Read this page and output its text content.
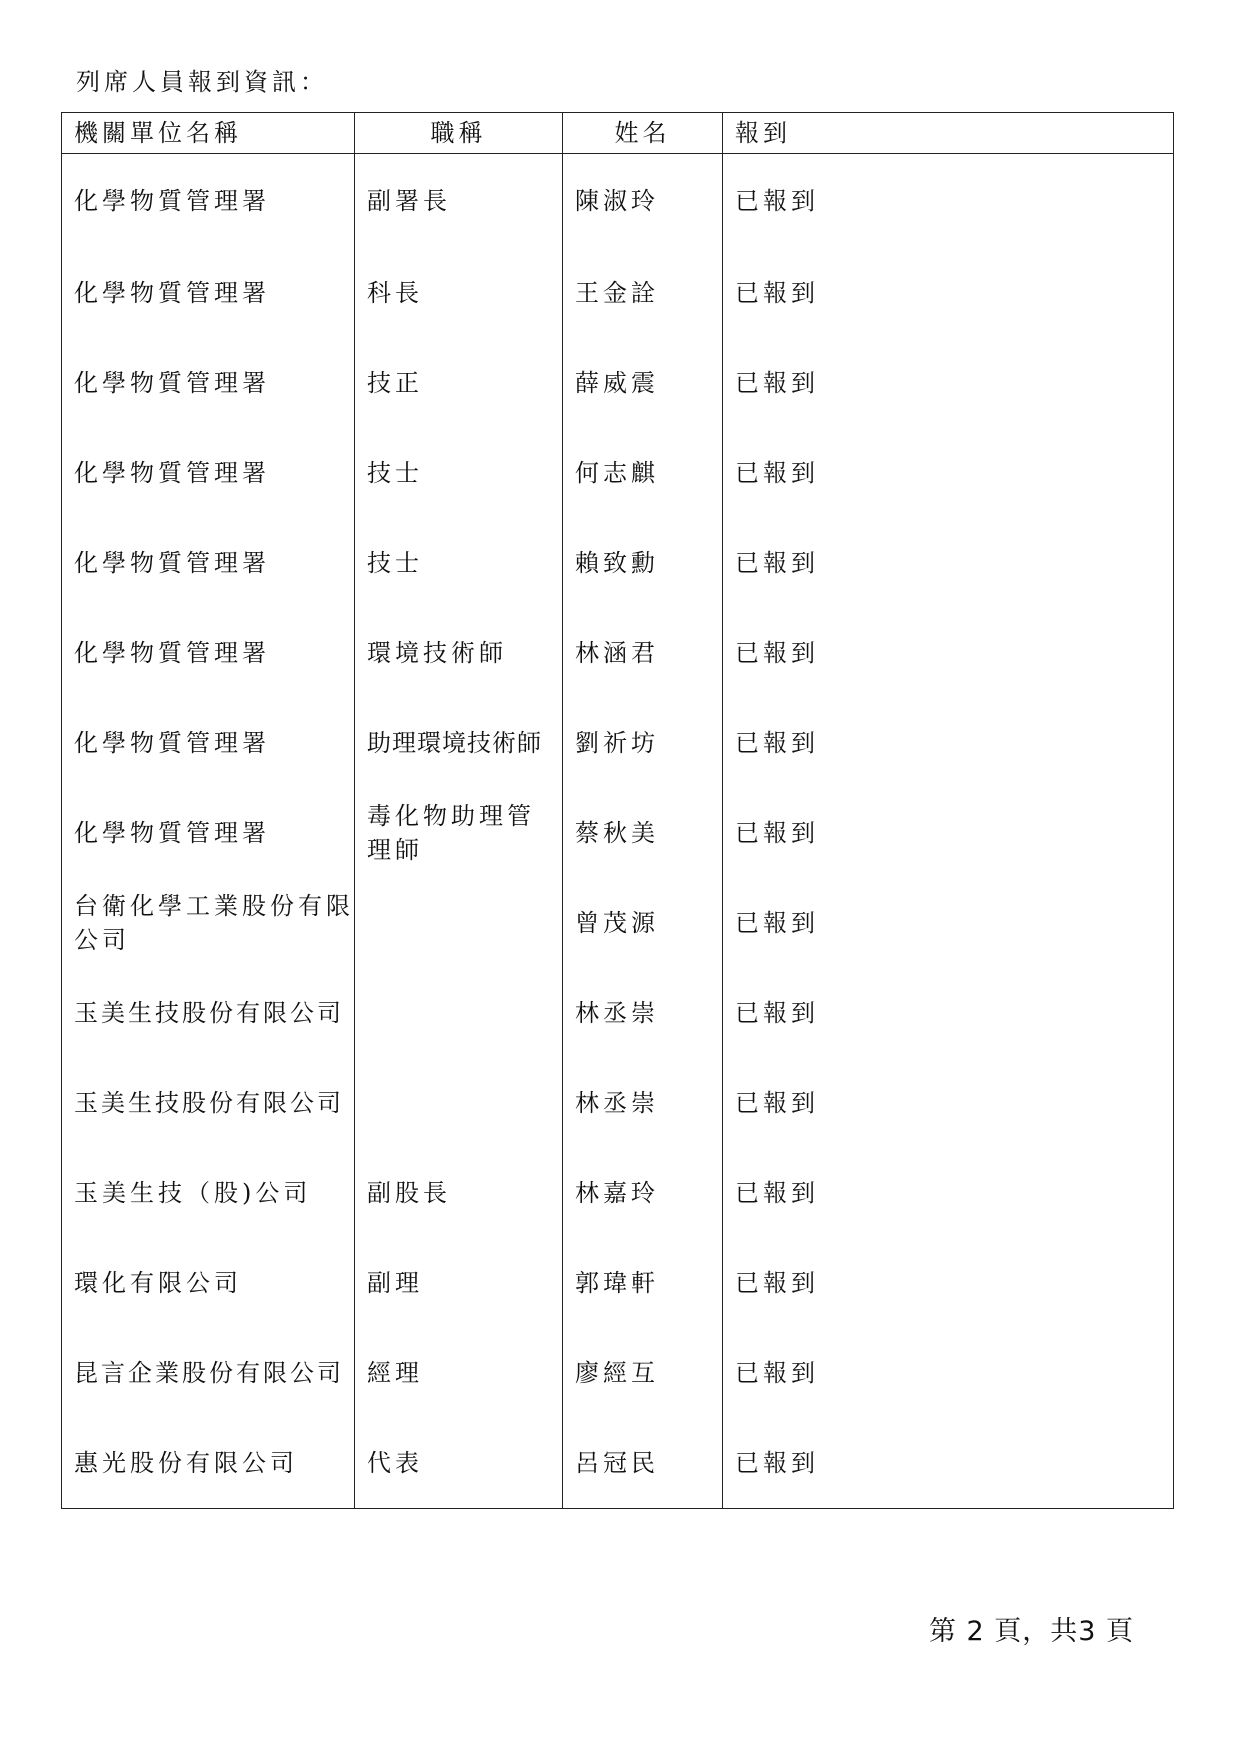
列席人員報到資訊：
機關單位名稱	職稱	姓名	報到
化學物質管理署	副署長	陳淑玲	已報到
化學物質管理署	科長	王金詮	已報到
化學物質管理署	技正	薛威震	已報到
化學物質管理署	技士	何志麒	已報到
化學物質管理署	技士	賴致勳	已報到
化學物質管理署	環境技術師	林涵君	已報到
化學物質管理署	助理環境技術師	劉祈坊	已報到
化學物質管理署	毒化物助理管理師	蔡秋美	已報到
台衛化學工業股份有限公司		曾茂源	已報到
玉美生技股份有限公司		林丞崇	已報到
玉美生技股份有限公司		林丞崇	已報到
玉美生技（股)公司	副股長	林嘉玲	已報到
環化有限公司	副理	郭瑋軒	已報到
昆言企業股份有限公司	經理	廖經互	已報到
惠光股份有限公司	代表	呂冠民	已報到
第 2 頁，共3 頁
